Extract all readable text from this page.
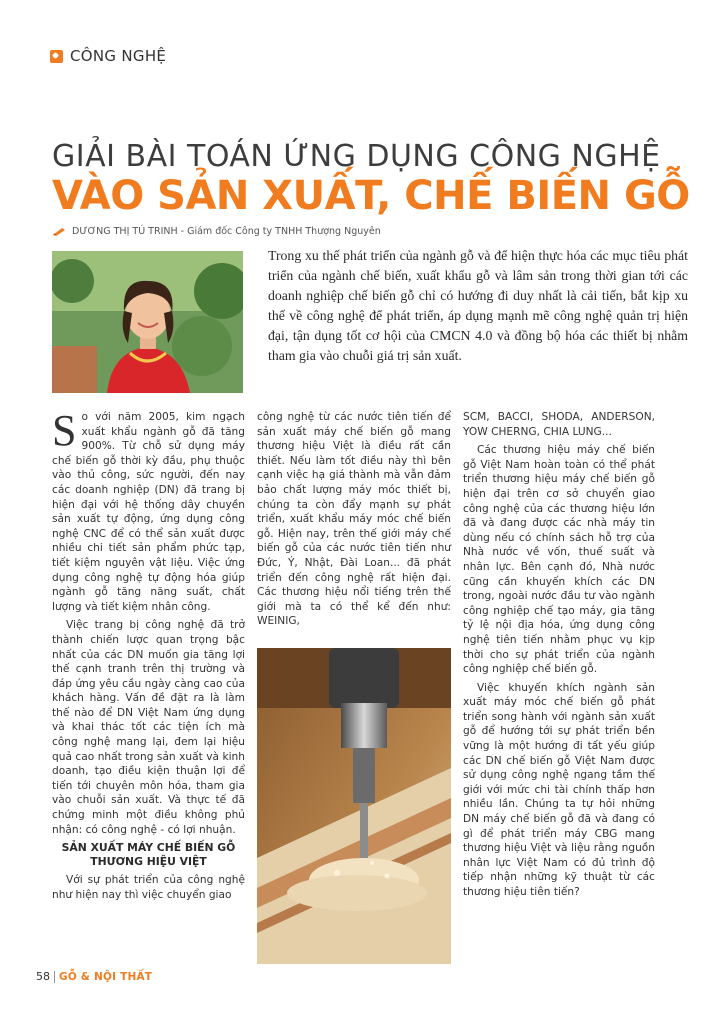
CÔNG NGHỆ
GIẢI BÀI TOÁN ỨNG DỤNG CÔNG NGHỆ
VÀO SẢN XUẤT, CHẾ BIẾN GỖ
DƯƠNG THỊ TÚ TRINH - Giám đốc Công ty TNHH Thượng Nguyên
Trong xu thế phát triển của ngành gỗ và để hiện thực hóa các mục tiêu phát triển của ngành chế biến, xuất khẩu gỗ và lâm sản trong thời gian tới các doanh nghiệp chế biến gỗ chỉ có hướng đi duy nhất là cải tiến, bắt kịp xu thế về công nghệ để phát triển, áp dụng mạnh mẽ công nghệ quản trị hiện đại, tận dụng tốt cơ hội của CMCN 4.0 và đồng bộ hóa các thiết bị nhằm tham gia vào chuỗi giá trị sản xuất.

So với năm 2005, kim ngạch xuất khẩu ngành gỗ đã tăng 900%. Từ chỗ sử dụng máy chế biến gỗ thời kỳ đầu, phụ thuộc vào thủ công, sức người, đến nay các doanh nghiệp (DN) đã trang bị hiện đại với hệ thống dây chuyền sản xuất tự động, ứng dụng công nghệ CNC để có thể sản xuất được nhiều chi tiết sản phẩm phức tạp, tiết kiệm nguyên vật liệu. Việc ứng dụng công nghệ tự động hóa giúp ngành gỗ tăng năng suất, chất lượng và tiết kiệm nhân công.

Việc trang bị công nghệ đã trở thành chiến lược quan trọng bậc nhất của các DN muốn gia tăng lợi thế cạnh tranh trên thị trường và đáp ứng yêu cầu ngày càng cao của khách hàng. Vấn đề đặt ra là làm thế nào để DN Việt Nam ứng dụng và khai thác tốt các tiện ích mà công nghệ mang lại, đem lại hiệu quả cao nhất trong sản xuất và kinh doanh, tạo điều kiện thuận lợi để tiến tới chuyên môn hóa, tham gia vào chuỗi sản xuất. Và thực tế đã chứng minh một điều không phủ nhận: có công nghệ - có lợi nhuận.

SẢN XUẤT MÁY CHẾ BIẾN GỖ THƯƠNG HIỆU VIỆT

Với sự phát triển của công nghệ như hiện nay thì việc chuyển giao

công nghệ từ các nước tiên tiến để sản xuất máy chế biến gỗ mang thương hiệu Việt là điều rất cần thiết. Nếu làm tốt điều này thì bên cạnh việc hạ giá thành mà vẫn đảm bảo chất lượng máy móc thiết bị, chúng ta còn đẩy mạnh sự phát triển, xuất khẩu máy móc chế biến gỗ. Hiện nay, trên thế giới máy chế biến gỗ của các nước tiên tiến như Đức, Ý, Nhật, Đài Loan... đã phát triển đến công nghệ rất hiện đại. Các thương hiệu nổi tiếng trên thế giới mà ta có thể kể đến như: WEINIG,

SCM, BACCI, SHODA, ANDERSON, YOW CHERNG, CHIA LUNG...

Các thương hiệu máy chế biến gỗ Việt Nam hoàn toàn có thể phát triển thương hiệu máy chế biến gỗ hiện đại trên cơ sở chuyển giao công nghệ của các thương hiệu lớn đã và đang được các nhà máy tin dùng nếu có chính sách hỗ trợ của Nhà nước về vốn, thuế suất và nhân lực. Bên cạnh đó, Nhà nước cũng cần khuyến khích các DN trong, ngoài nước đầu tư vào ngành công nghiệp chế tạo máy, gia tăng tỷ lệ nội địa hóa, ứng dụng công nghệ tiên tiến nhằm phục vụ kịp thời cho sự phát triển của ngành công nghiệp chế biến gỗ.

Việc khuyến khích ngành sản xuất máy móc chế biến gỗ phát triển song hành với ngành sản xuất gỗ để hướng tới sự phát triển bền vững là một hướng đi tất yếu giúp các DN chế biến gỗ Việt Nam được sử dụng công nghệ ngang tầm thế giới với mức chi tài chính thấp hơn nhiều lần. Chúng ta tự hỏi những DN máy chế biến gỗ đã và đang có gì để phát triển máy CBG mang thương hiệu Việt và liệu rằng nguồn nhân lực Việt Nam có đủ trình độ tiếp nhận những kỹ thuật từ các thương hiệu tiên tiến?

58 GỖ & NỘI THẤT
